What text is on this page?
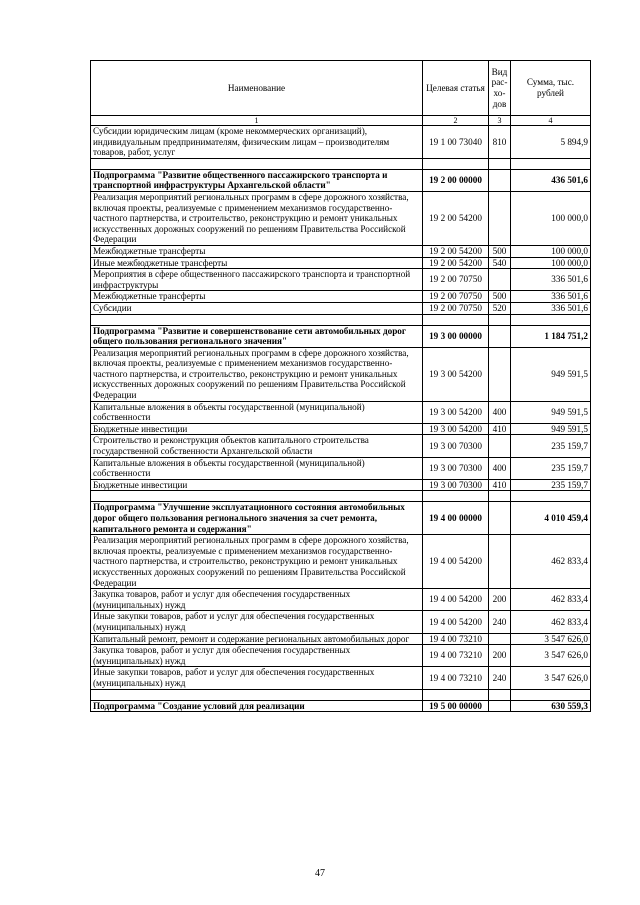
Наименование	Целевая статья	Вид рас-хо-дов	Сумма, тыс. рублей
1	2	3	4
Субсидии юридическим лицам (кроме некоммерческих организаций), индивидуальным предпринимателям, физическим лицам – производителям товаров, работ, услуг	19 1 00 73040	810	5 894,9

Подпрограмма "Развитие общественного пассажирского транспорта и транспортной инфраструктуры Архангельской области"	19 2 00 00000		436 501,6
Реализация мероприятий региональных программ в сфере дорожного хозяйства, включая проекты, реализуемые с применением механизмов государственно-частного партнерства, и строительство, реконструкцию и ремонт уникальных искусственных дорожных сооружений по решениям Правительства Российской Федерации	19 2 00 54200		100 000,0
Межбюджетные трансферты	19 2 00 54200	500	100 000,0
Иные межбюджетные трансферты	19 2 00 54200	540	100 000,0
Мероприятия в сфере общественного пассажирского транспорта и транспортной инфраструктуры	19 2 00 70750		336 501,6
Межбюджетные трансферты	19 2 00 70750	500	336 501,6
Субсидии	19 2 00 70750	520	336 501,6

Подпрограмма "Развитие и совершенствование сети автомобильных дорог общего пользования регионального значения"	19 3 00 00000		1 184 751,2
Реализация мероприятий региональных программ в сфере дорожного хозяйства, включая проекты, реализуемые с применением механизмов государственно-частного партнерства, и строительство, реконструкцию и ремонт уникальных искусственных дорожных сооружений по решениям Правительства Российской Федерации	19 3 00 54200		949 591,5
Капитальные вложения в объекты государственной (муниципальной) собственности	19 3 00 54200	400	949 591,5
Бюджетные инвестиции	19 3 00 54200	410	949 591,5
Строительство и реконструкция объектов капитального строительства государственной собственности Архангельской области	19 3 00 70300		235 159,7
Капитальные вложения в объекты государственной (муниципальной) собственности	19 3 00 70300	400	235 159,7
Бюджетные инвестиции	19 3 00 70300	410	235 159,7

Подпрограмма "Улучшение эксплуатационного состояния автомобильных дорог общего пользования регионального значения за счет ремонта, капитального ремонта и содержания"	19 4 00 00000		4 010 459,4
Реализация мероприятий региональных программ в сфере дорожного хозяйства, включая проекты, реализуемые с применением механизмов государственно-частного партнерства, и строительство, реконструкцию и ремонт уникальных искусственных дорожных сооружений по решениям Правительства Российской Федерации	19 4 00 54200		462 833,4
Закупка товаров, работ и услуг для обеспечения государственных (муниципальных) нужд	19 4 00 54200	200	462 833,4
Иные закупки товаров, работ и услуг для обеспечения государственных (муниципальных) нужд	19 4 00 54200	240	462 833,4
Капитальный ремонт, ремонт и содержание региональных автомобильных дорог	19 4 00 73210		3 547 626,0
Закупка товаров, работ и услуг для обеспечения государственных (муниципальных) нужд	19 4 00 73210	200	3 547 626,0
Иные закупки товаров, работ и услуг для обеспечения государственных (муниципальных) нужд	19 4 00 73210	240	3 547 626,0

Подпрограмма "Создание условий для реализации	19 5 00 00000		630 559,3
47
